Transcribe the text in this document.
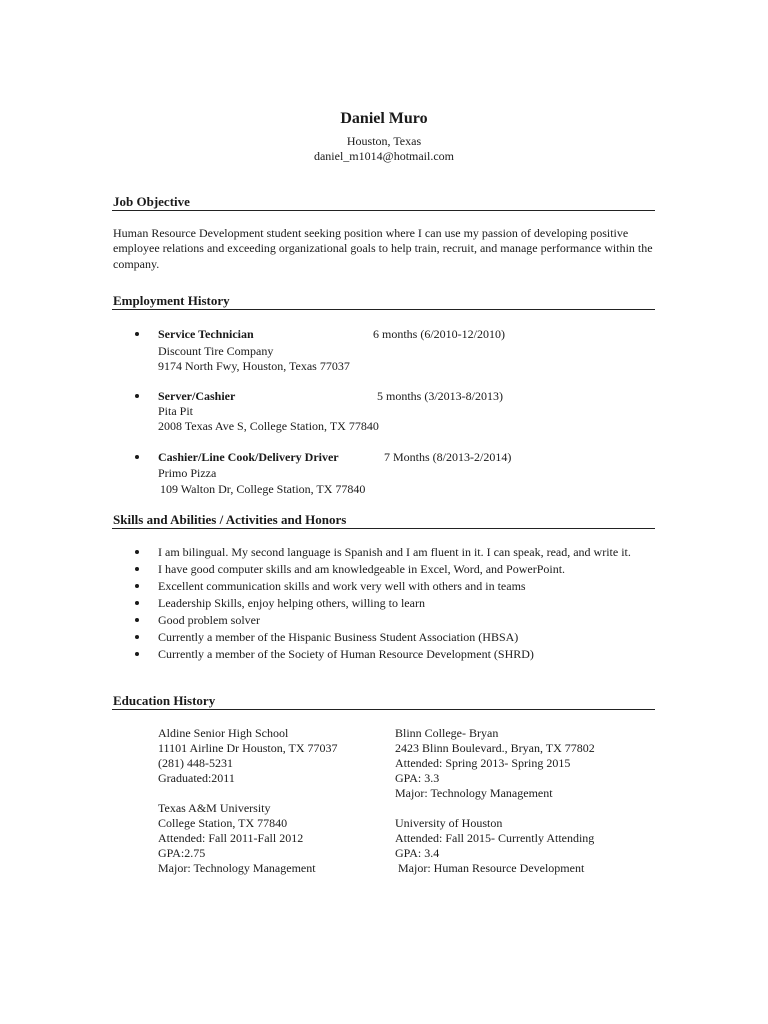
Daniel Muro
Houston, Texas
daniel_m1014@hotmail.com
Job Objective
Human Resource Development student seeking position where I can use my passion of developing positive employee relations and exceeding organizational goals to help train, recruit, and manage performance within the company.
Employment History
Service Technician	6 months (6/2010-12/2010)
Discount Tire Company
9174 North Fwy, Houston, Texas 77037
Server/Cashier	5 months (3/2013-8/2013)
Pita Pit
2008 Texas Ave S, College Station, TX 77840
Cashier/Line Cook/Delivery Driver	7 Months (8/2013-2/2014)
Primo Pizza
109 Walton Dr, College Station, TX 77840
Skills and Abilities / Activities and Honors
I am bilingual. My second language is Spanish and I am fluent in it. I can speak, read, and write it.
I have good computer skills and am knowledgeable in Excel, Word, and PowerPoint.
Excellent communication skills and work very well with others and in teams
Leadership Skills, enjoy helping others, willing to learn
Good problem solver
Currently a member of the Hispanic Business Student Association (HBSA)
Currently a member of the Society of Human Resource Development (SHRD)
Education History
Aldine Senior High School
11101 Airline Dr Houston, TX 77037
(281) 448-5231
Graduated:2011
Texas A&M University
College Station, TX 77840
Attended: Fall 2011-Fall 2012
GPA:2.75
Major: Technology Management
Blinn College- Bryan
2423 Blinn Boulevard., Bryan, TX 77802
Attended: Spring 2013- Spring 2015
GPA: 3.3
Major: Technology Management
University of Houston
Attended: Fall 2015- Currently Attending
GPA: 3.4
Major: Human Resource Development
